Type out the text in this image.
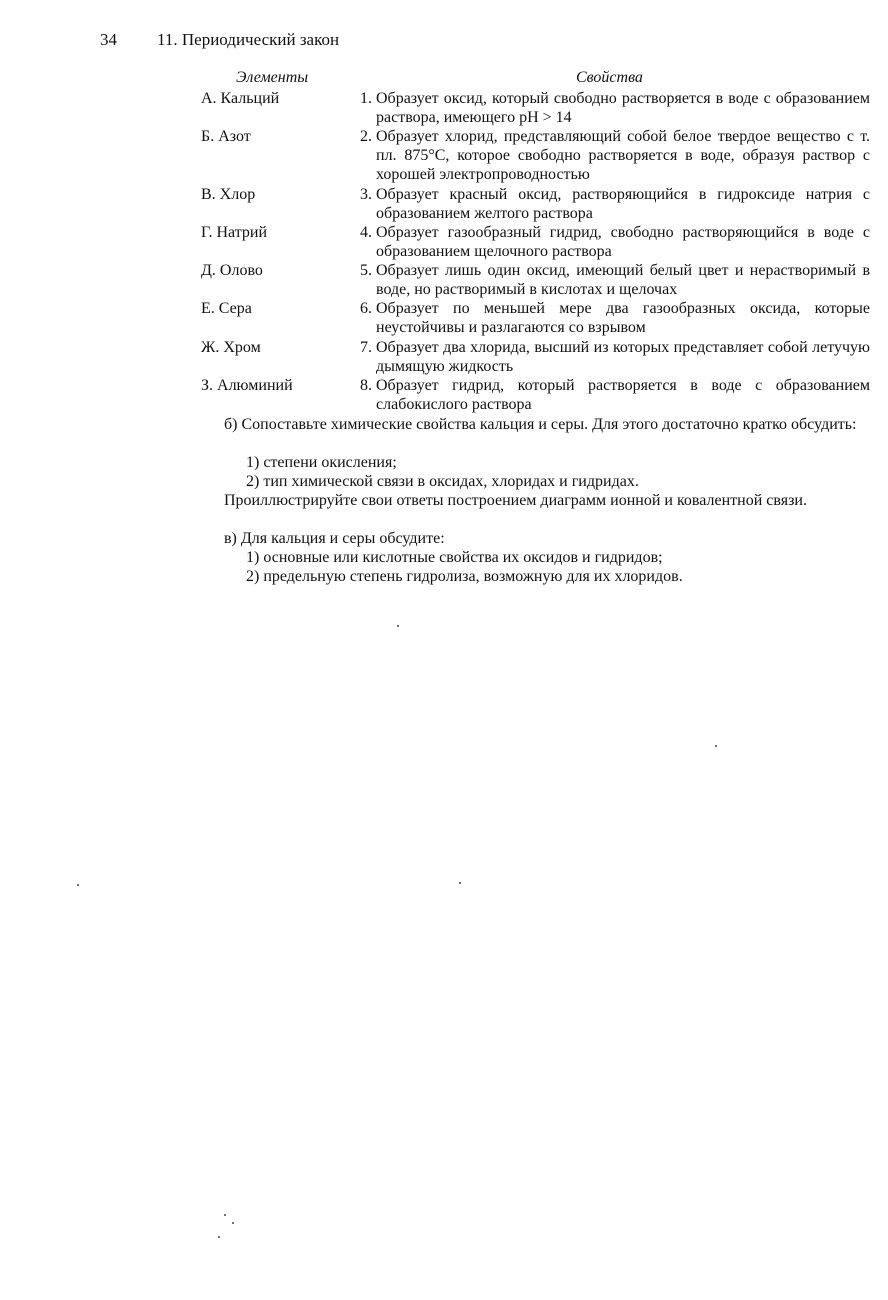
34 11. Периодический закон
Элементы	Свойства
А. Кальций	1. Образует оксид, который свободно растворяется в воде с образованием раствора, имеющего pH > 14
Б. Азот	2. Образует хлорид, представляющий собой белое твердое вещество с т. пл. 875°C, которое свободно растворяется в воде, образуя раствор с хорошей электропроводностью
В. Хлор	3. Образует красный оксид, растворяющийся в гидроксиде натрия с образованием желтого раствора
Г. Натрий	4. Образует газообразный гидрид, свободно растворяющийся в воде с образованием щелочного раствора
Д. Олово	5. Образует лишь один оксид, имеющий белый цвет и нерастворимый в воде, но растворимый в кислотах и щелочах
Е. Сера	6. Образует по меньшей мере два газообразных оксида, которые неустойчивы и разлагаются со взрывом
Ж. Хром	7. Образует два хлорида, высший из которых представляет собой летучую дымящую жидкость
З. Алюминий	8. Образует гидрид, который растворяется в воде с образованием слабокислого раствора
б) Сопоставьте химические свойства кальция и серы. Для этого достаточно кратко обсудить:
1) степени окисления;
2) тип химической связи в оксидах, хлоридах и гидридах.
Проиллюстрируйте свои ответы построением диаграмм ионной и ковалентной связи.
в) Для кальция и серы обсудите:
1) основные или кислотные свойства их оксидов и гидридов;
2) предельную степень гидролиза, возможную для их хлоридов.
